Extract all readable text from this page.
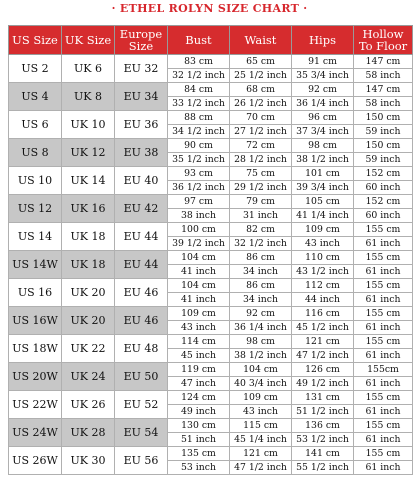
· ETHEL ROLYN SIZE CHART ·
US Size	UK Size	Europe Size	Bust	Waist	Hips	Hollow To Floor
US 2	UK 6	EU 32	83 cm	65 cm	91 cm	147 cm
			32 1/2 inch	25 1/2 inch	35 3/4 inch	58 inch
US 4	UK 8	EU 34	84 cm	68 cm	92 cm	147 cm
			33 1/2 inch	26 1/2 inch	36 1/4 inch	58 inch
US 6	UK 10	EU 36	88 cm	70 cm	96 cm	150 cm
			34 1/2 inch	27 1/2 inch	37 3/4 inch	59 inch
US 8	UK 12	EU 38	90 cm	72 cm	98 cm	150 cm
			35 1/2 inch	28 1/2 inch	38 1/2 inch	59 inch
US 10	UK 14	EU 40	93 cm	75 cm	101 cm	152 cm
			36 1/2 inch	29 1/2 inch	39 3/4 inch	60 inch
US 12	UK 16	EU 42	97 cm	79 cm	105 cm	152 cm
			38 inch	31 inch	41 1/4 inch	60 inch
US 14	UK 18	EU 44	100 cm	82 cm	109 cm	155 cm
			39 1/2 inch	32 1/2 inch	43 inch	61 inch
US 14W	UK 18	EU 44	104 cm	86 cm	110 cm	155 cm
			41 inch	34 inch	43 1/2 inch	61 inch
US 16	UK 20	EU 46	104 cm	86 cm	112 cm	155 cm
			41 inch	34 inch	44 inch	61 inch
US 16W	UK 20	EU 46	109 cm	92 cm	116 cm	155 cm
			43 inch	36 1/4 inch	45 1/2 inch	61 inch
US 18W	UK 22	EU 48	114 cm	98 cm	121 cm	155 cm
			45 inch	38 1/2 inch	47 1/2 inch	61 inch
US 20W	UK 24	EU 50	119 cm	104 cm	126 cm	155cm
			47 inch	40 3/4 inch	49 1/2 inch	61 inch
US 22W	UK 26	EU 52	124 cm	109 cm	131 cm	155 cm
			49 inch	43 inch	51 1/2 inch	61 inch
US 24W	UK 28	EU 54	130 cm	115 cm	136 cm	155 cm
			51 inch	45 1/4 inch	53 1/2 inch	61 inch
US 26W	UK 30	EU 56	135 cm	121 cm	141 cm	155 cm
			53 inch	47 1/2 inch	55 1/2 inch	61 inch
